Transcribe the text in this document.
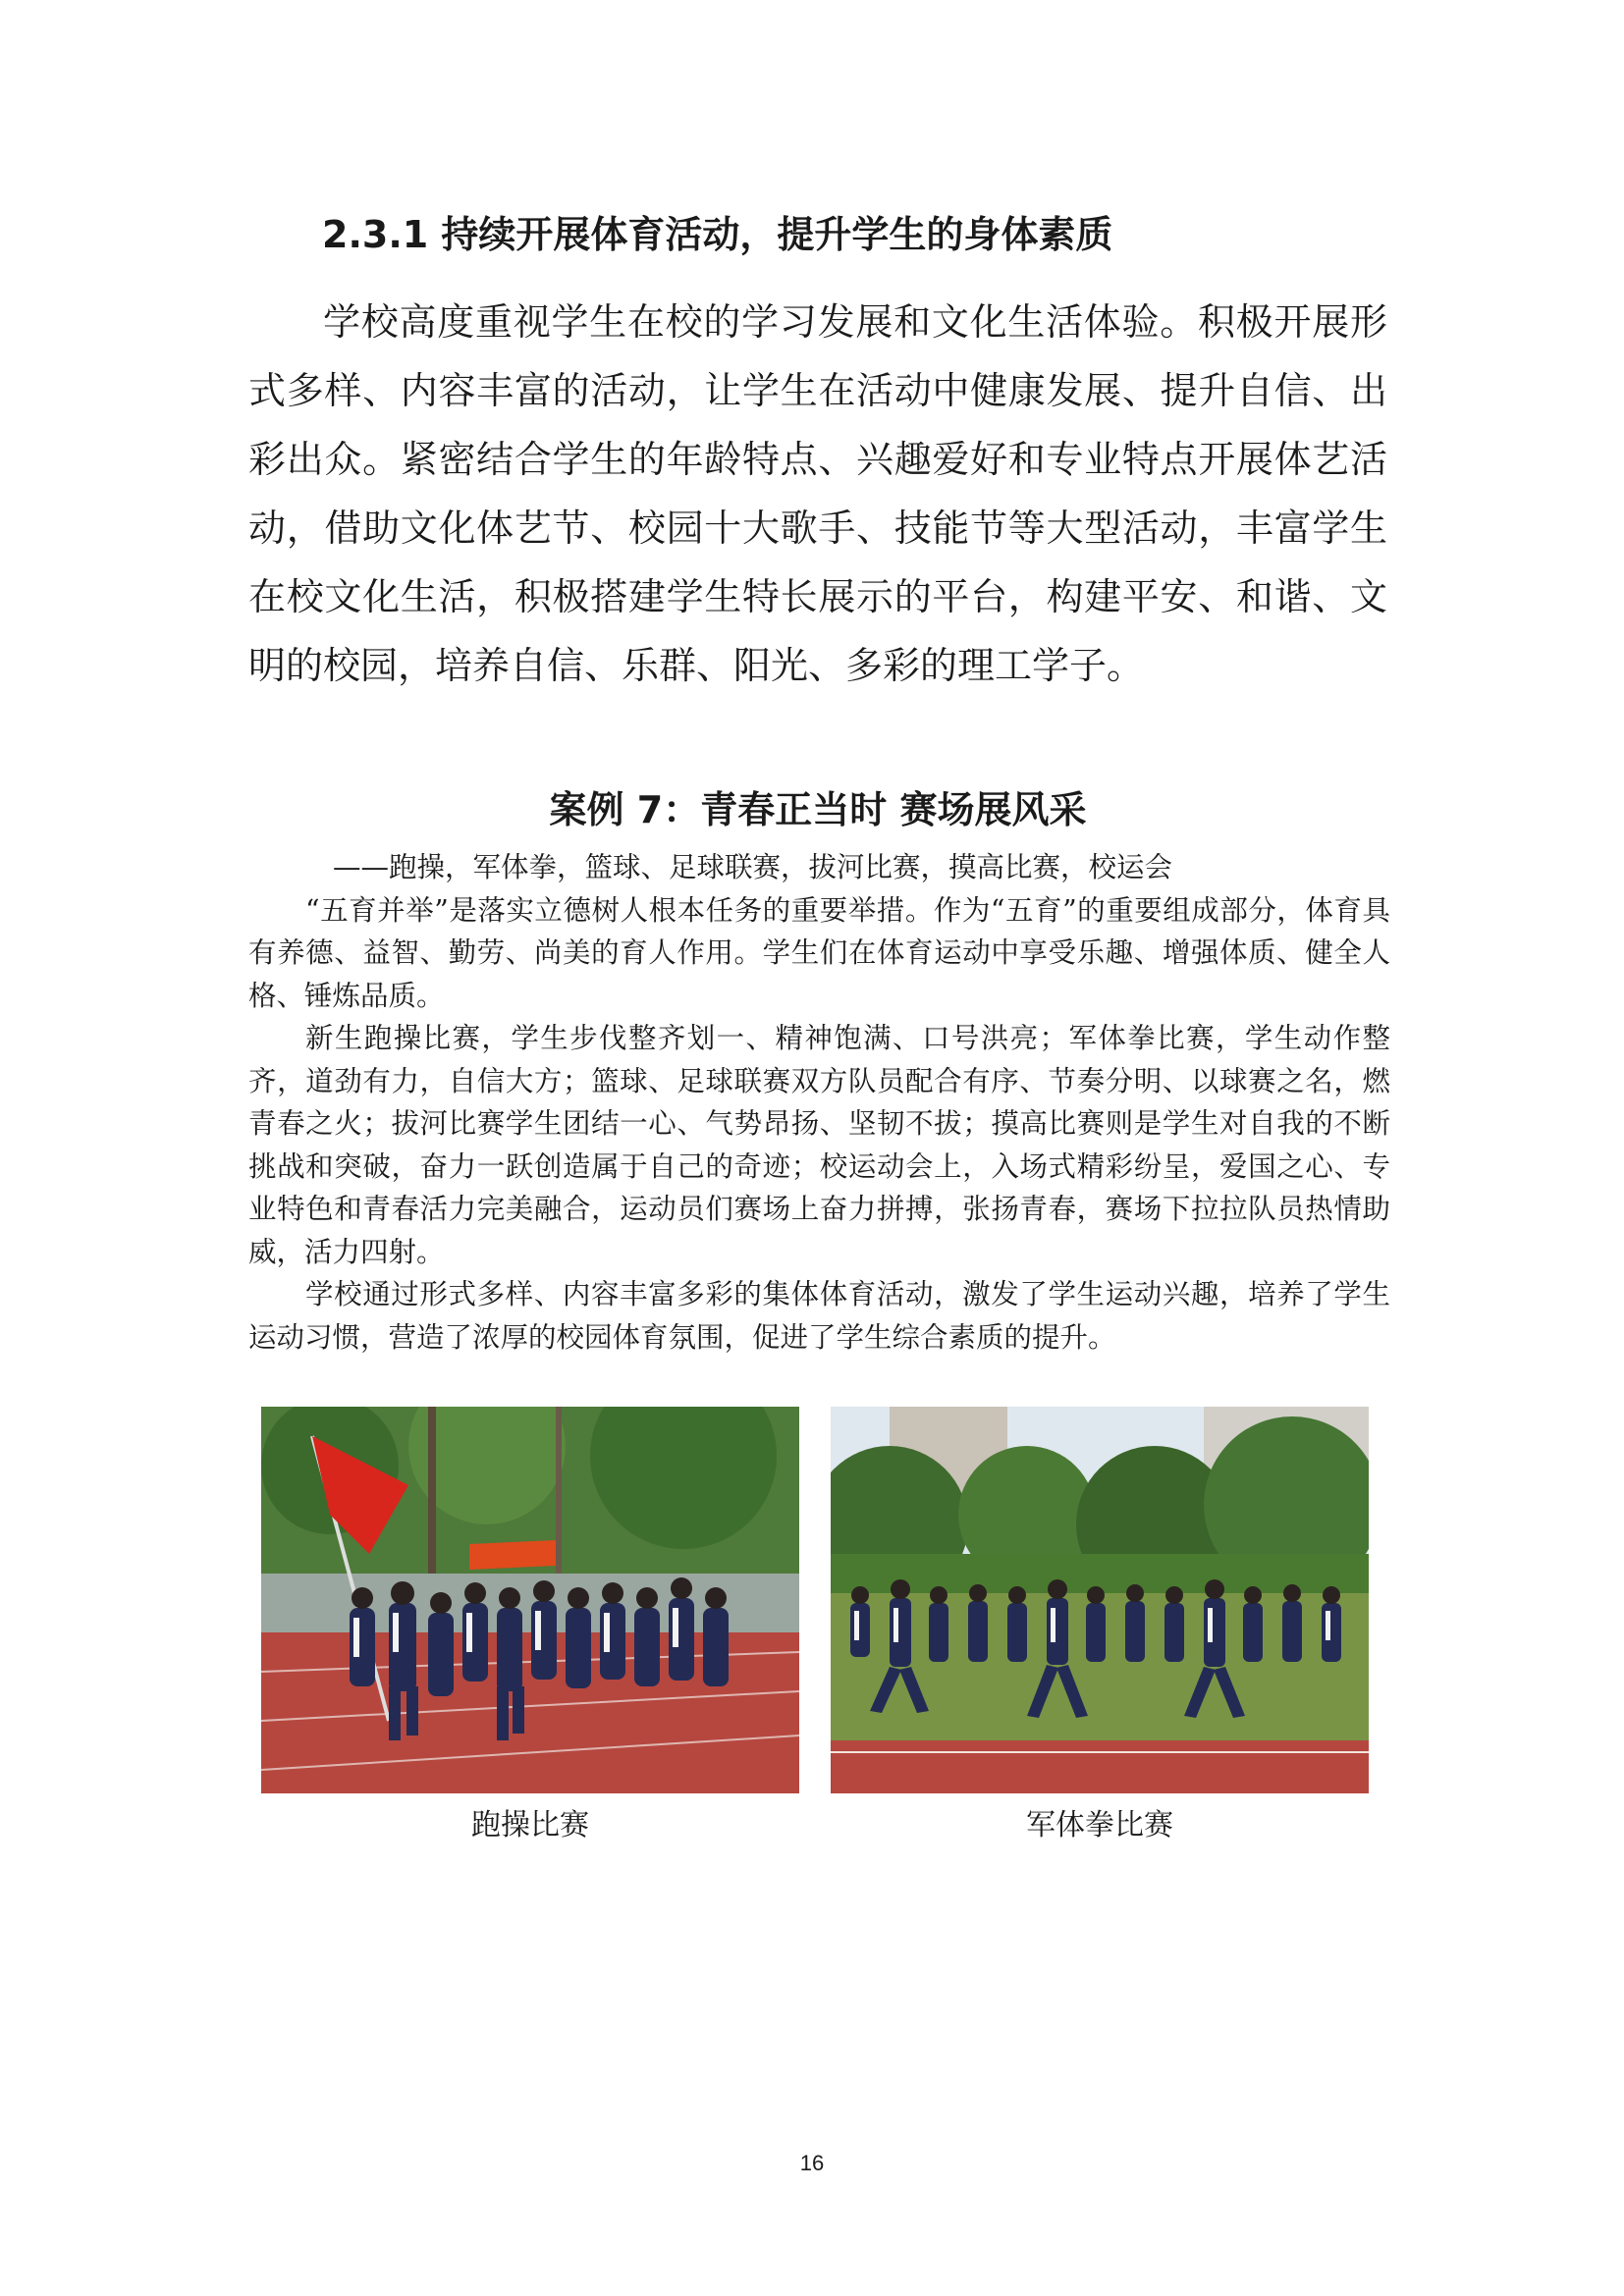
2.3.1 持续开展体育活动，提升学生的身体素质

学校高度重视学生在校的学习发展和文化生活体验。积极开展形式多样、内容丰富的活动，让学生在活动中健康发展、提升自信、出彩出众。紧密结合学生的年龄特点、兴趣爱好和专业特点开展体艺活动，借助文化体艺节、校园十大歌手、技能节等大型活动，丰富学生在校文化生活，积极搭建学生特长展示的平台，构建平安、和谐、文明的校园，培养自信、乐群、阳光、多彩的理工学子。

案例 7：青春正当时 赛场展风采

——跑操，军体拳，篮球、足球联赛，拔河比赛，摸高比赛，校运会

“五育并举”是落实立德树人根本任务的重要举措。作为“五育”的重要组成部分，体育具有养德、益智、勤劳、尚美的育人作用。学生们在体育运动中享受乐趣、增强体质、健全人格、锤炼品质。

新生跑操比赛，学生步伐整齐划一、精神饱满、口号洪亮；军体拳比赛，学生动作整齐，道劲有力，自信大方；篮球、足球联赛双方队员配合有序、节奏分明、以球赛之名，燃青春之火；拔河比赛学生团结一心、气势昂扬、坚韧不拔；摸高比赛则是学生对自我的不断挑战和突破，奋力一跃创造属于自己的奇迹；校运动会上，入场式精彩纷呈，爱国之心、专业特色和青春活力完美融合，运动员们赛场上奋力拼搏，张扬青春，赛场下拉拉队员热情助威，活力四射。

学校通过形式多样、内容丰富多彩的集体体育活动，激发了学生运动兴趣，培养了学生运动习惯，营造了浓厚的校园体育氛围，促进了学生综合素质的提升。

跑操比赛	军体拳比赛
16
